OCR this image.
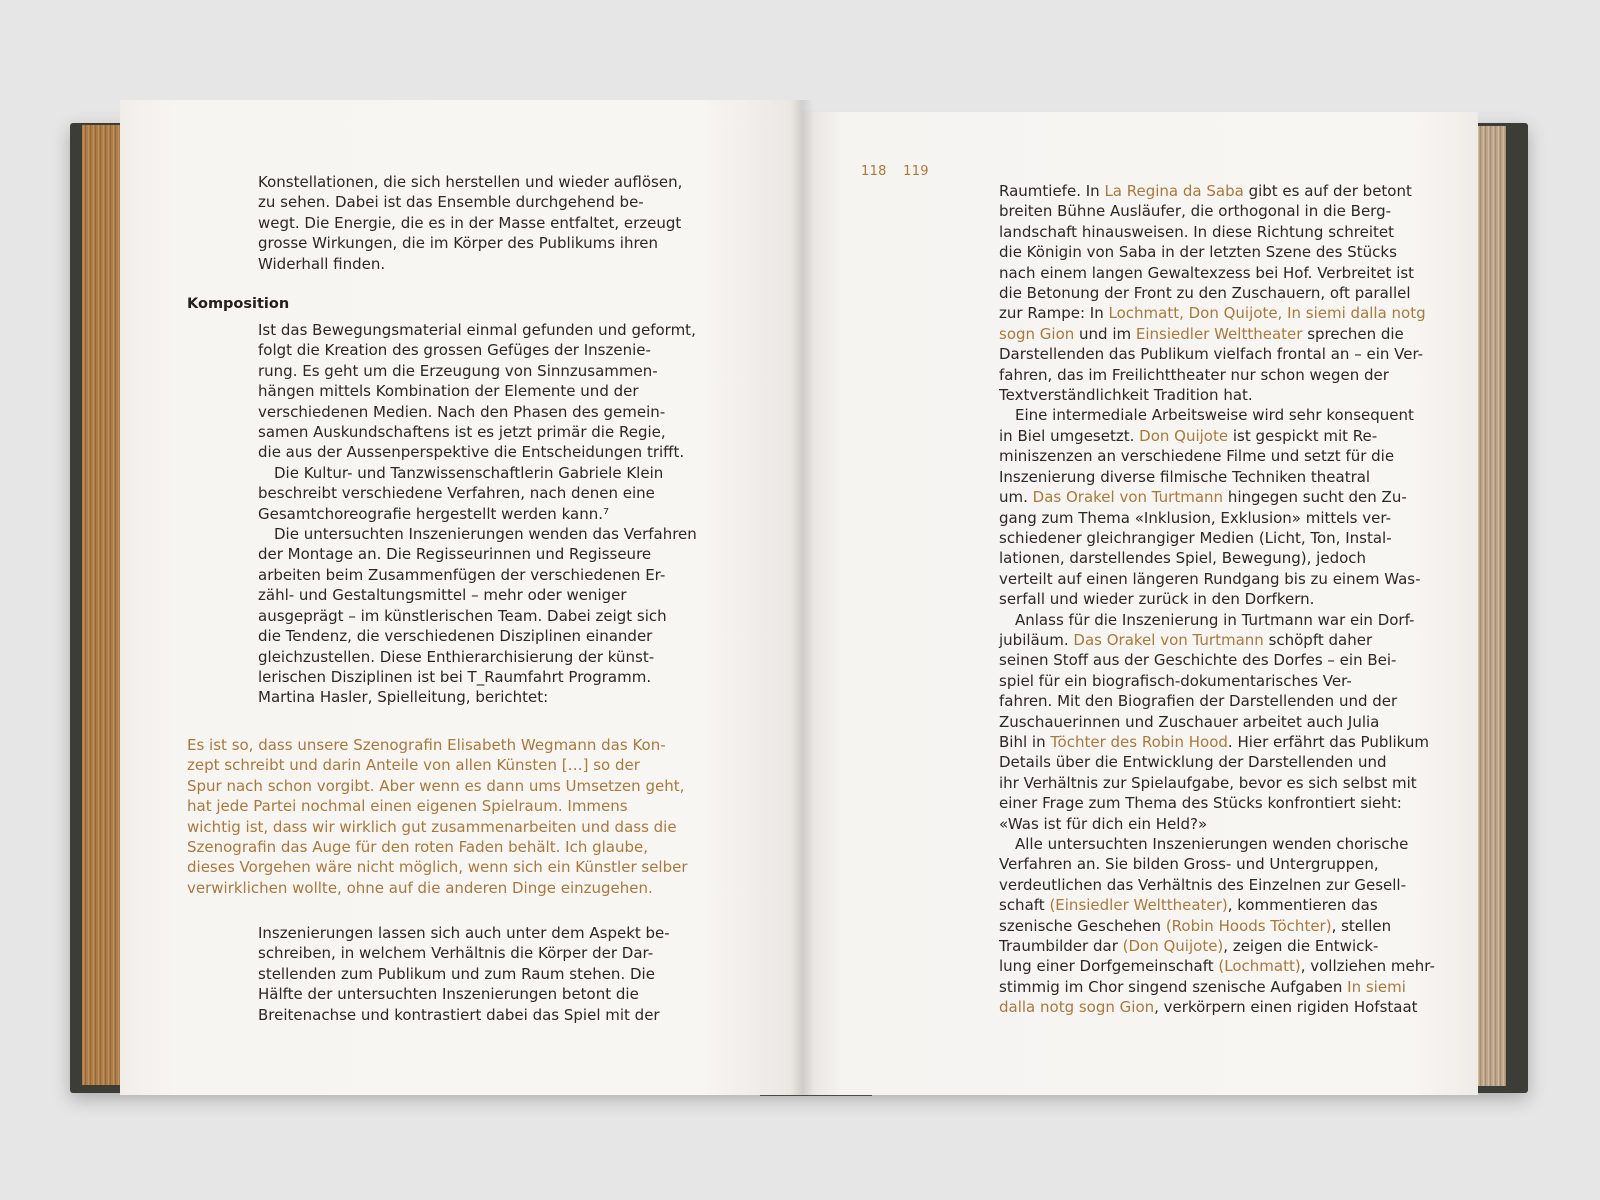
118 119
Konstellationen, die sich herstellen und wieder auflösen,
zu sehen. Dabei ist das Ensemble durchgehend be-
wegt. Die Energie, die es in der Masse entfaltet, erzeugt
grosse Wirkungen, die im Körper des Publikums ihren
Widerhall finden.
Komposition
Ist das Bewegungsmaterial einmal gefunden und geformt,
folgt die Kreation des grossen Gefüges der Inszenie-
rung. Es geht um die Erzeugung von Sinnzusammen-
hängen mittels Kombination der Elemente und der
verschiedenen Medien. Nach den Phasen des gemein-
samen Auskundschaftens ist es jetzt primär die Regie,
die aus der Aussenperspektive die Entscheidungen trifft.
Die Kultur- und Tanzwissenschaftlerin Gabriele Klein
beschreibt verschiedene Verfahren, nach denen eine
Gesamtchoreografie hergestellt werden kann.⁷
Die untersuchten Inszenierungen wenden das Verfahren
der Montage an. Die Regisseurinnen und Regisseure
arbeiten beim Zusammenfügen der verschiedenen Er-
zähl- und Gestaltungsmittel – mehr oder weniger
ausgeprägt – im künstlerischen Team. Dabei zeigt sich
die Tendenz, die verschiedenen Disziplinen einander
gleichzustellen. Diese Enthierarchisierung der künst-
lerischen Disziplinen ist bei T_Raumfahrt Programm.
Martina Hasler, Spielleitung, berichtet:
Es ist so, dass unsere Szenografin Elisabeth Wegmann das Kon-
zept schreibt und darin Anteile von allen Künsten […] so der
Spur nach schon vorgibt. Aber wenn es dann ums Umsetzen geht,
hat jede Partei nochmal einen eigenen Spielraum. Immens
wichtig ist, dass wir wirklich gut zusammenarbeiten und dass die
Szenografin das Auge für den roten Faden behält. Ich glaube,
dieses Vorgehen wäre nicht möglich, wenn sich ein Künstler selber
verwirklichen wollte, ohne auf die anderen Dinge einzugehen.
Inszenierungen lassen sich auch unter dem Aspekt be-
schreiben, in welchem Verhältnis die Körper der Dar-
stellenden zum Publikum und zum Raum stehen. Die
Hälfte der untersuchten Inszenierungen betont die
Breitenachse und kontrastiert dabei das Spiel mit der
Raumtiefe. In La Regina da Saba gibt es auf der betont
breiten Bühne Ausläufer, die orthogonal in die Berg-
landschaft hinausweisen. In diese Richtung schreitet
die Königin von Saba in der letzten Szene des Stücks
nach einem langen Gewaltexzess bei Hof. Verbreitet ist
die Betonung der Front zu den Zuschauern, oft parallel
zur Rampe: In Lochmatt, Don Quijote, In siemi dalla notg
sogn Gion und im Einsiedler Welttheater sprechen die
Darstellenden das Publikum vielfach frontal an – ein Ver-
fahren, das im Freilichttheater nur schon wegen der
Textverständlichkeit Tradition hat.
Eine intermediale Arbeitsweise wird sehr konsequent
in Biel umgesetzt. Don Quijote ist gespickt mit Re-
miniszenzen an verschiedene Filme und setzt für die
Inszenierung diverse filmische Techniken theatral
um. Das Orakel von Turtmann hingegen sucht den Zu-
gang zum Thema «Inklusion, Exklusion» mittels ver-
schiedener gleichrangiger Medien (Licht, Ton, Instal-
lationen, darstellendes Spiel, Bewegung), jedoch
verteilt auf einen längeren Rundgang bis zu einem Was-
serfall und wieder zurück in den Dorfkern.
Anlass für die Inszenierung in Turtmann war ein Dorf-
jubiläum. Das Orakel von Turtmann schöpft daher
seinen Stoff aus der Geschichte des Dorfes – ein Bei-
spiel für ein biografisch-dokumentarisches Ver-
fahren. Mit den Biografien der Darstellenden und der
Zuschauerinnen und Zuschauer arbeitet auch Julia
Bihl in Töchter des Robin Hood. Hier erfährt das Publikum
Details über die Entwicklung der Darstellenden und
ihr Verhältnis zur Spielaufgabe, bevor es sich selbst mit
einer Frage zum Thema des Stücks konfrontiert sieht:
«Was ist für dich ein Held?»
Alle untersuchten Inszenierungen wenden chorische
Verfahren an. Sie bilden Gross- und Untergruppen,
verdeutlichen das Verhältnis des Einzelnen zur Gesell-
schaft (Einsiedler Welttheater), kommentieren das
szenische Geschehen (Robin Hoods Töchter), stellen
Traumbilder dar (Don Quijote), zeigen die Entwick-
lung einer Dorfgemeinschaft (Lochmatt), vollziehen mehr-
stimmig im Chor singend szenische Aufgaben In siemi
dalla notg sogn Gion, verkörpern einen rigiden Hofstaat
